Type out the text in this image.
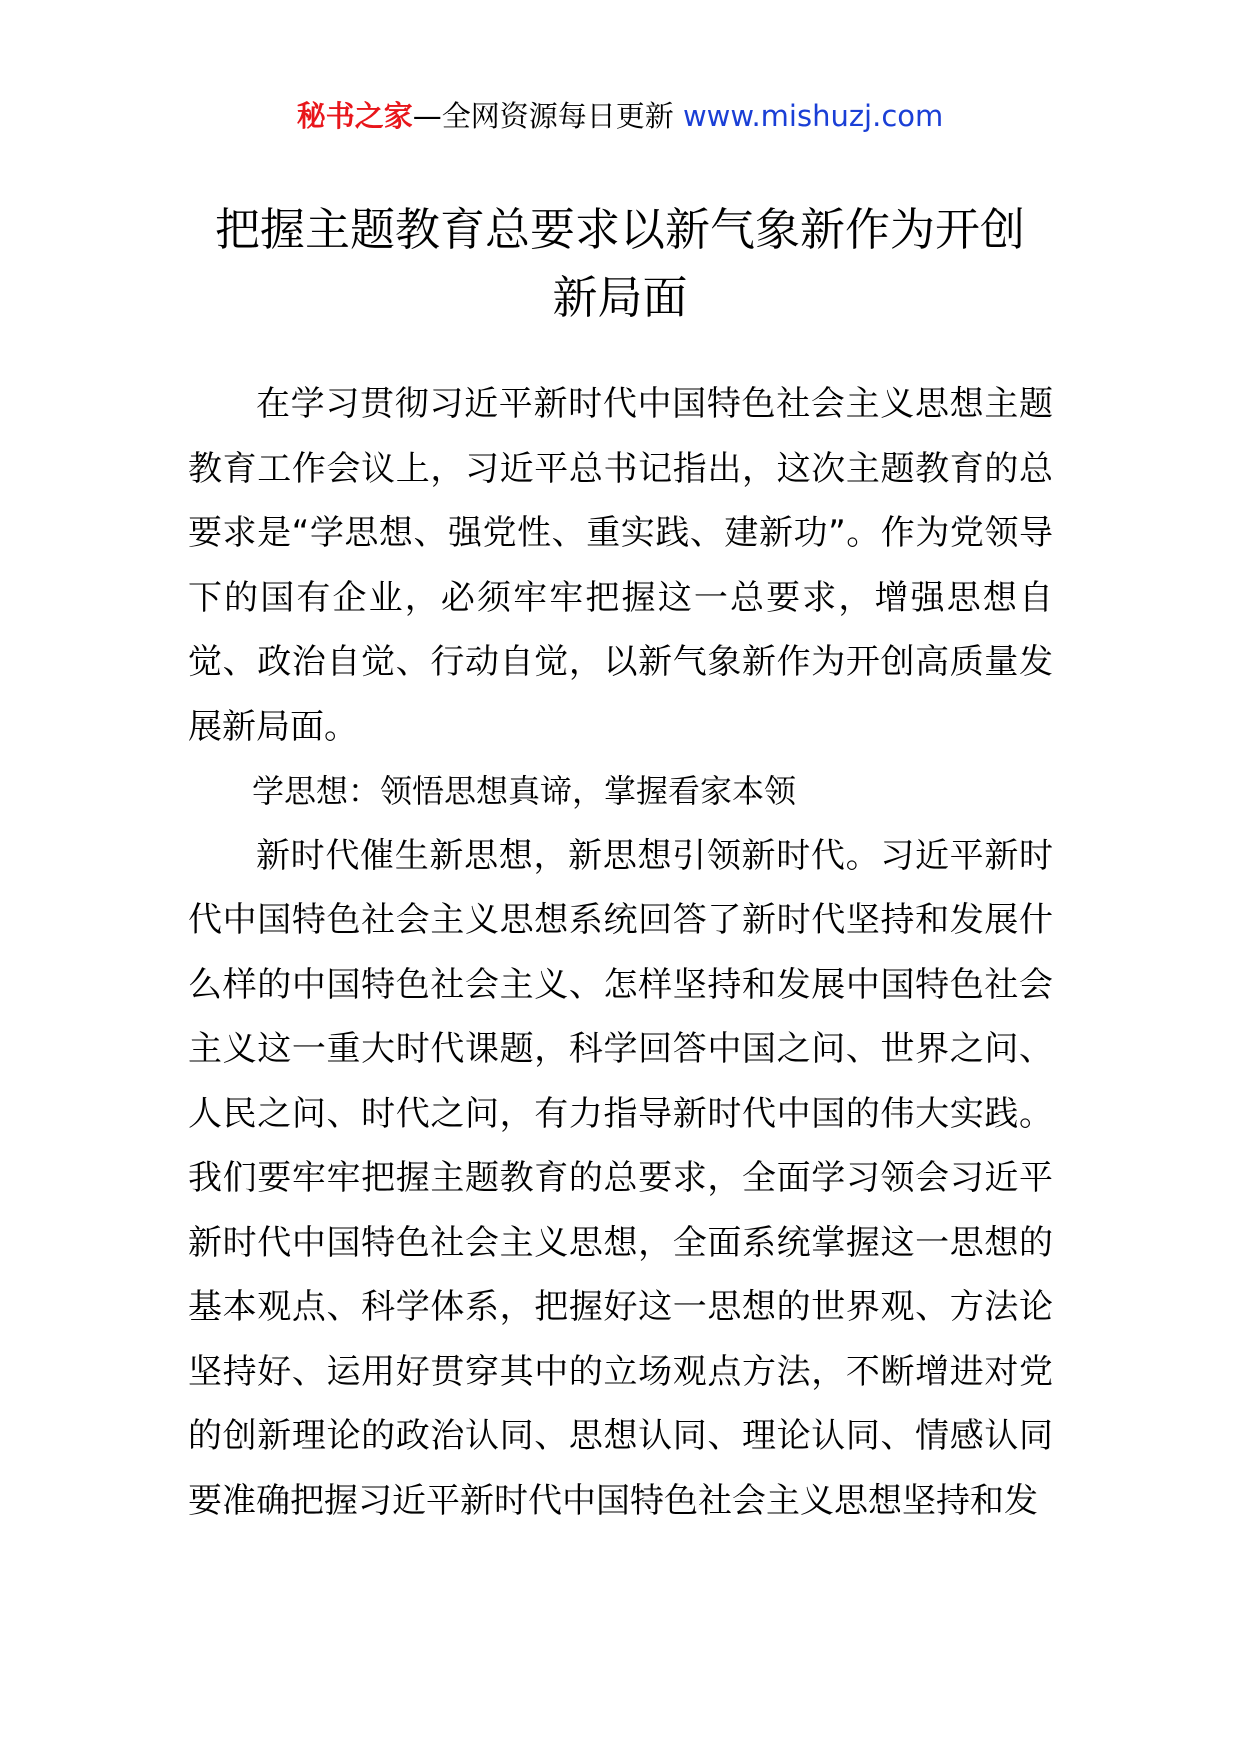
秘书之家—全网资源每日更新 www.mishuzj.com
把握主题教育总要求以新气象新作为开创
新局面

在学习贯彻习近平新时代中国特色社会主义思想主题教育工作会议上，习近平总书记指出，这次主题教育的总要求是“学思想、强党性、重实践、建新功”。作为党领导下的国有企业，必须牢牢把握这一总要求，增强思想自觉、政治自觉、行动自觉，以新气象新作为开创高质量发展新局面。

学思想：领悟思想真谛，掌握看家本领

新时代催生新思想，新思想引领新时代。习近平新时代中国特色社会主义思想系统回答了新时代坚持和发展什么样的中国特色社会主义、怎样坚持和发展中国特色社会主义这一重大时代课题，科学回答中国之问、世界之问、人民之问、时代之问，有力指导新时代中国的伟大实践。我们要牢牢把握主题教育的总要求，全面学习领会习近平新时代中国特色社会主义思想，全面系统掌握这一思想的基本观点、科学体系，把握好这一思想的世界观、方法论坚持好、运用好贯穿其中的立场观点方法，不断增进对党的创新理论的政治认同、思想认同、理论认同、情感认同要准确把握习近平新时代中国特色社会主义思想坚持和发
